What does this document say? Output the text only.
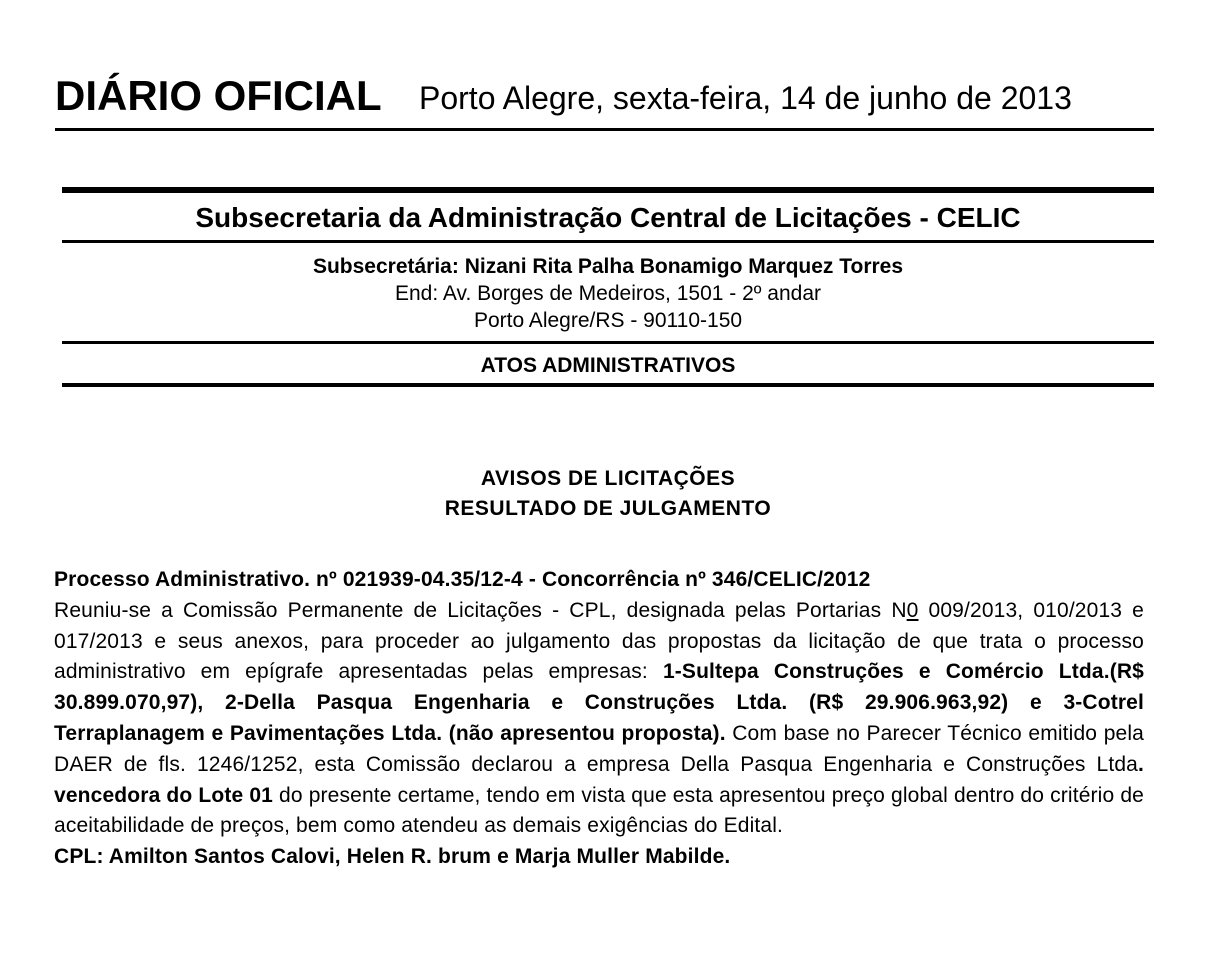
DIÁRIO OFICIAL Porto Alegre, sexta-feira, 14 de junho de 2013
Subsecretaria da Administração Central de Licitações - CELIC
Subsecretária: Nizani Rita Palha Bonamigo Marquez Torres
End: Av. Borges de Medeiros, 1501 - 2º andar
Porto Alegre/RS - 90110-150
ATOS ADMINISTRATIVOS
AVISOS DE LICITAÇÕES
RESULTADO DE JULGAMENTO
Processo Administrativo. nº 021939-04.35/12-4 - Concorrência nº 346/CELIC/2012
Reuniu-se a Comissão Permanente de Licitações - CPL, designada pelas Portarias N0 009/2013, 010/2013 e 017/2013 e seus anexos, para proceder ao julgamento das propostas da licitação de que trata o processo administrativo em epígrafe apresentadas pelas empresas: 1-Sultepa Construções e Comércio Ltda.(R$ 30.899.070,97), 2-Della Pasqua Engenharia e Construções Ltda. (R$ 29.906.963,92) e 3-Cotrel Terraplanagem e Pavimentações Ltda. (não apresentou proposta). Com base no Parecer Técnico emitido pela DAER de fls. 1246/1252, esta Comissão declarou a empresa Della Pasqua Engenharia e Construções Ltda. vencedora do Lote 01 do presente certame, tendo em vista que esta apresentou preço global dentro do critério de aceitabilidade de preços, bem como atendeu as demais exigências do Edital.
CPL: Amilton Santos Calovi, Helen R. brum e Marja Muller Mabilde.
